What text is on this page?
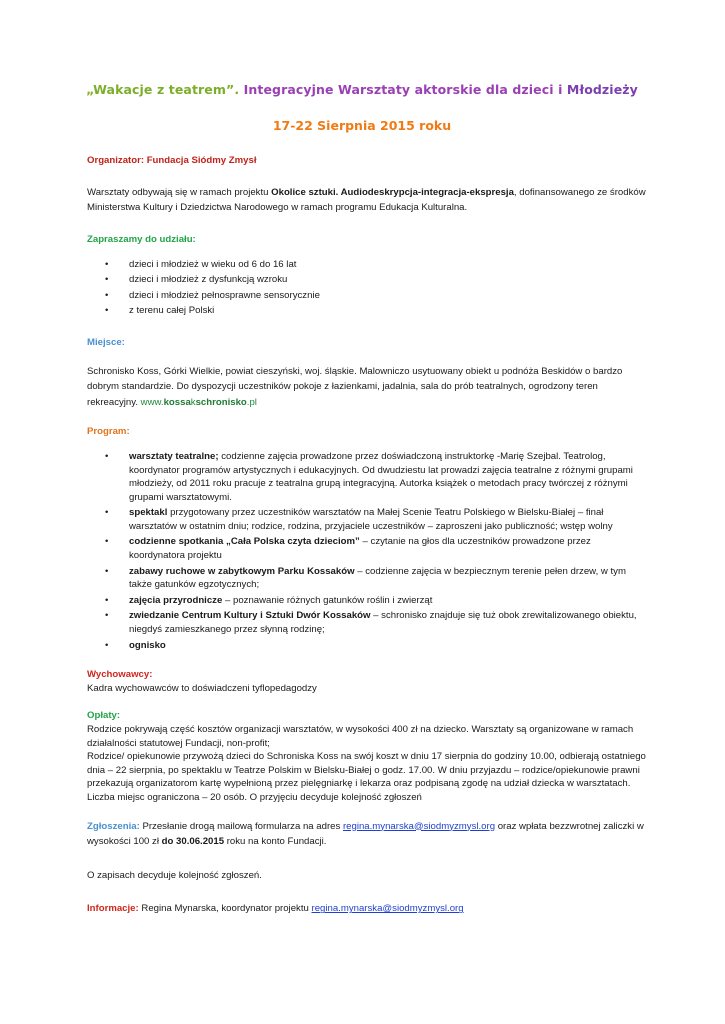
„Wakacje z teatrem”. Integracyjne Warsztaty aktorskie dla dzieci i Młodzieży
17-22 Sierpnia 2015 roku

Organizator: Fundacja Siódmy Zmysł

Warsztaty odbywają się w ramach projektu Okolice sztuki. Audiodeskrypcja-integracja-ekspresja, dofinansowanego ze środków Ministerstwa Kultury i Dziedzictwa Narodowego w ramach programu Edukacja Kulturalna.

Zapraszamy do udziału:

• dzieci i młodzież w wieku od 6 do 16 lat
• dzieci i młodzież z dysfunkcją wzroku
• dzieci i młodzież pełnosprawne sensorycznie
• z terenu całej Polski

Miejsce:

Schronisko Koss, Górki Wielkie, powiat cieszyński, woj. śląskie. Malowniczo usytuowany obiekt u podnóża Beskidów o bardzo dobrym standardzie. Do dyspozycji uczestników pokoje z łazienkami, jadalnia, sala do prób teatralnych, ogrodzony teren rekreacyjny. www.kossakschronisko.pl

Program:

• warsztaty teatralne; codzienne zajęcia prowadzone przez doświadczoną instruktorkę -Marię Szejbal. Teatrolog, koordynator programów artystycznych i edukacyjnych. Od dwudziestu lat prowadzi zajęcia teatralne z różnymi grupami młodzieży, od 2011 roku pracuje z teatralna grupą integracyjną. Autorka książek o metodach pracy twórczej z różnymi grupami warsztatowymi.
• spektakl przygotowany przez uczestników warsztatów na Małej Scenie Teatru Polskiego w Bielsku-Białej – finał warsztatów w ostatnim dniu; rodzice, rodzina, przyjaciele uczestników – zaproszeni jako publiczność; wstęp wolny
• codzienne spotkania „Cała Polska czyta dzieciom” – czytanie na głos dla uczestników prowadzone przez koordynatora projektu
• zabawy ruchowe w zabytkowym Parku Kossaków – codzienne zajęcia w bezpiecznym terenie pełen drzew, w tym także gatunków egzotycznych;
• zajęcia przyrodnicze – poznawanie różnych gatunków roślin i zwierząt
• zwiedzanie Centrum Kultury i Sztuki Dwór Kossaków – schronisko znajduje się tuż obok zrewitalizowanego obiektu, niegdyś zamieszkanego przez słynną rodzinę;
• ognisko

Wychowawcy:

Kadra wychowawców to doświadczeni tyflopedagodzy

Opłaty:

Rodzice pokrywają część kosztów organizacji warsztatów, w wysokości 400 zł na dziecko. Warsztaty są organizowane w ramach działalności statutowej Fundacji, non-profit;

Rodzice/ opiekunowie przywożą dzieci do Schroniska Koss na swój koszt w dniu 17 sierpnia do godziny 10.00, odbierają ostatniego dnia – 22 sierpnia, po spektaklu w Teatrze Polskim w Bielsku-Białej o godz. 17.00. W dniu przyjazdu – rodzice/opiekunowie prawni przekazują organizatorom kartę wypełnioną przez pielęgniarkę i lekarza oraz podpisaną zgodę na udział dziecka w warsztatach. Liczba miejsc ograniczona – 20 osób. O przyjęciu decyduje kolejność zgłoszeń

Zgłoszenia: Przesłanie drogą mailową formularza na adres regina.mynarska@siodmyzmysl.org oraz wpłata bezzwrotnej zaliczki w wysokości 100 zł do 30.06.2015 roku na konto Fundacji.

O zapisach decyduje kolejność zgłoszeń.

Informacje: Regina Mynarska, koordynator projektu regina.mynarska@siodmyzmysl.org
